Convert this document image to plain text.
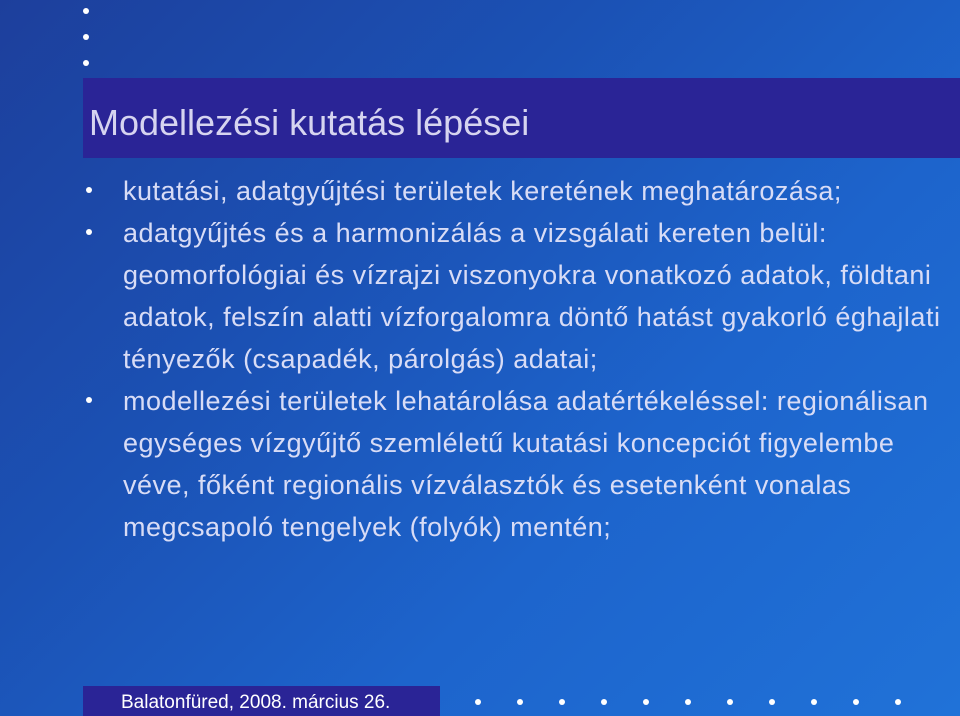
Modellezési kutatás lépései
kutatási, adatgyűjtési területek keretének meghatározása;
adatgyűjtés és a harmonizálás a vizsgálati kereten belül: geomorfológiai és vízrajzi viszonyokra vonatkozó adatok, földtani adatok, felszín alatti vízforgalomra döntő hatást gyakorló éghajlati tényezők (csapadék, párolgás) adatai;
modellezési területek lehatárolása adatértékeléssel: regionálisan egységes vízgyűjtő szemléletű kutatási koncepciót figyelembe véve, főként regionális vízválasztók és esetenként vonalas megcsapoló tengelyek (folyók) mentén;
Balatonfüred, 2008. március 26.
